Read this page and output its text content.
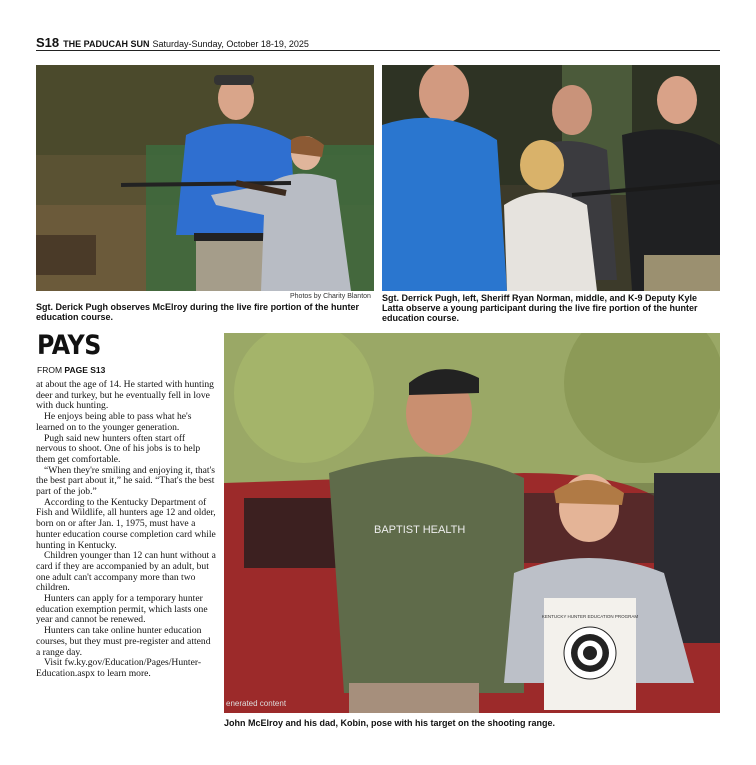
S18 THE PADUCAH SUN Saturday-Sunday, October 18-19, 2025
Photos by Charity Blanton
Sgt. Derick Pugh observes McElroy during the live fire portion of the hunter education course.
Sgt. Derrick Pugh, left, Sheriff Ryan Norman, middle, and K-9 Deputy Kyle Latta observe a young participant during the live fire portion of the hunter education course.
PAYS
FROM PAGE S13

at about the age of 14. He started with hunting deer and turkey, but he eventually fell in love with duck hunting.

He enjoys being able to pass what he's learned on to the younger generation.

Pugh said new hunters often start off nervous to shoot. One of his jobs is to help them get comfortable.

“When they're smiling and enjoying it, that's the best part about it,” he said. “That's the best part of the job.”

According to the Kentucky Department of Fish and Wildlife, all hunters age 12 and older, born on or after Jan. 1, 1975, must have a hunter education course completion card while hunting in Kentucky.

Children younger than 12 can hunt without a card if they are accompanied by an adult, but one adult can't accompany more than two children.

Hunters can apply for a temporary hunter education exemption permit, which lasts one year and cannot be renewed.

Hunters can take online hunter education courses, but they must pre-register and attend a range day.

Visit fw.ky.gov/Education/Pages/Hunter-Education.aspx to learn more.

BAPTIST HEALTH
KENTUCKY HUNTER EDUCATION PROGRAM
enerated content
John McElroy and his dad, Kobin, pose with his target on the shooting range.
